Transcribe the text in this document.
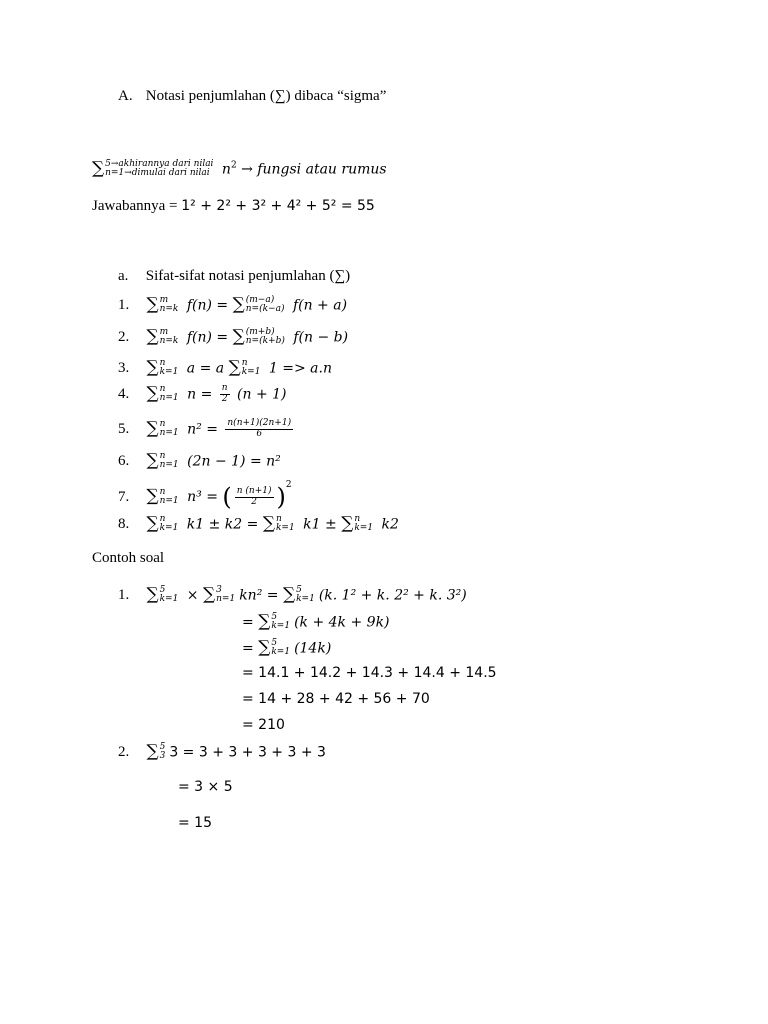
A. Notasi penjumlahan (∑) dibaca “sigma”
∑ 5→akhirannya dari nilai
n=1→dimulai dari nilai $n^2$ → fungsi atau rumus
Jawabannya = 1² + 2² + 3² + 4² + 5² = 55
a. Sifat-sifat notasi penjumlahan (∑)
1. ∑ m
n=k f(n) = ∑ (m−a)
n=(k−a) f(n + a)
2. ∑ m
n=k f(n) = ∑ (m+b)
n=(k+b) f(n − b)
3. ∑ n
k=1 a = a ∑ n
k=1 1 => a.n
4. ∑ n
n=1 $n = \frac{n}{2} (n + 1)$
5. ∑ n
n=1 $n^2 = \frac{n(n+1)(2n+1)}{6}$
6. ∑ n
n=1 (2n − 1) = n²
7. ∑ n
n=1 n³ = ( $\frac{n (n+1)}{2} )^2$
8. ∑ n
k=1 k1 ± k2 = ∑ n
k=1 k1 ± ∑ n
k=1 k2
Contoh soal
1. ∑ 5
k=1 × ∑ 3
n=1 kn² = ∑ 5
k=1 (k. 1² + k. 2² + k. 3²)
= ∑ 5
k=1 (k + 4k + 9k)
= ∑ 5
k=1 (14k)
= 14.1 + 14.2 + 14.3 + 14.4 + 14.5
= 14 + 28 + 42 + 56 + 70
= 210
2. ∑ 5
3 3 = 3 + 3 + 3 + 3 + 3
= 3 × 5
= 15
